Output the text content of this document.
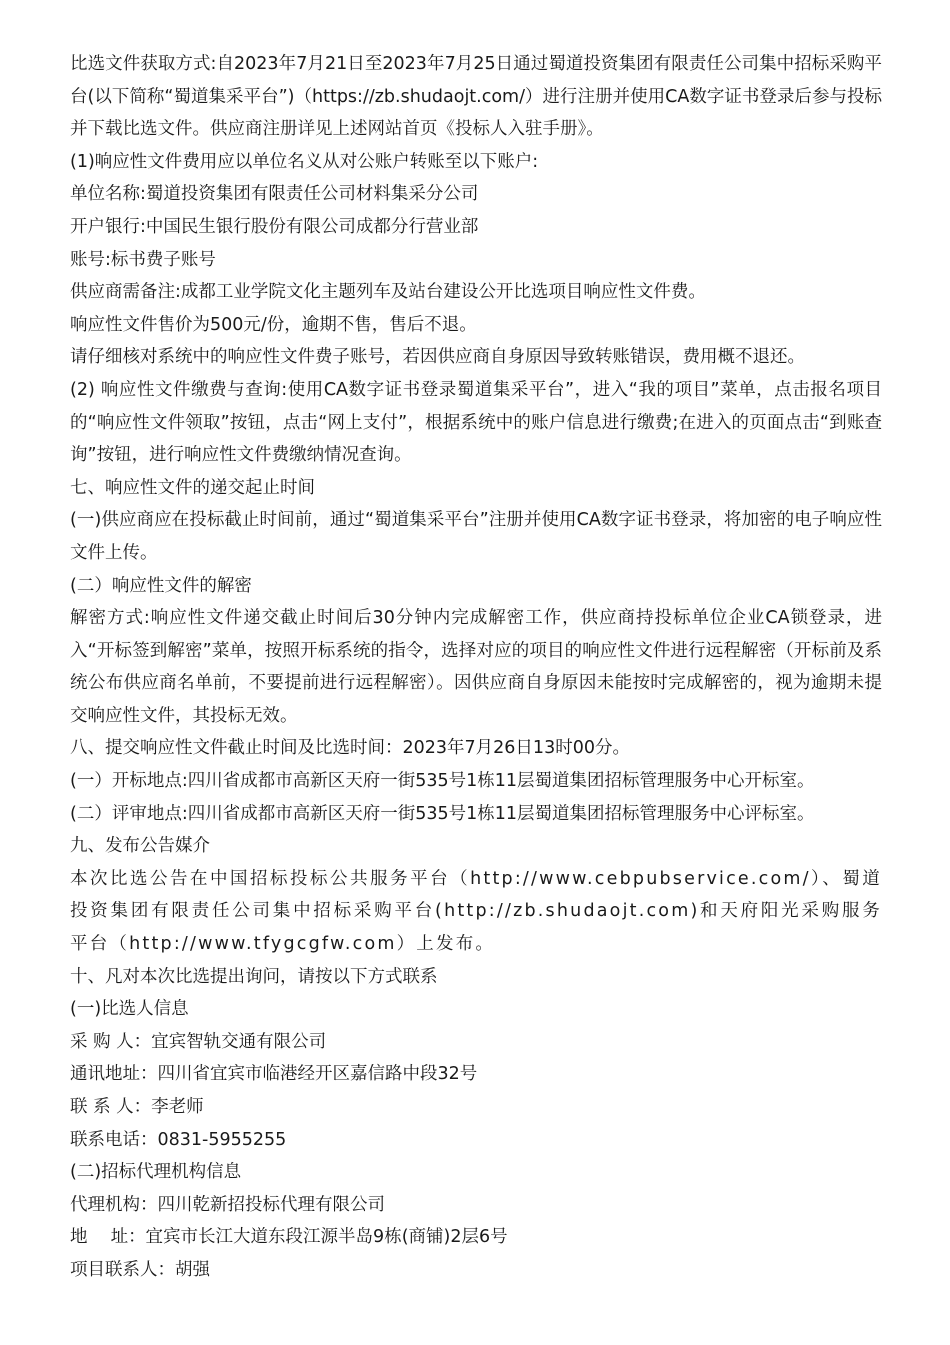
比选文件获取方式:自2023年7月21日至2023年7月25日通过蜀道投资集团有限责任公司集中招标采购平台(以下简称“蜀道集采平台”)（https://zb.shudaojt.com/）进行注册并使用CA数字证书登录后参与投标并下载比选文件。供应商注册详见上述网站首页《投标人入驻手册》。

(1)响应性文件费用应以单位名义从对公账户转账至以下账户:

单位名称:蜀道投资集团有限责任公司材料集采分公司

开户银行:中国民生银行股份有限公司成都分行营业部

账号:标书费子账号

供应商需备注:成都工业学院文化主题列车及站台建设公开比选项目响应性文件费。

响应性文件售价为500元/份，逾期不售，售后不退。

请仔细核对系统中的响应性文件费子账号，若因供应商自身原因导致转账错误，费用概不退还。

(2) 响应性文件缴费与查询:使用CA数字证书登录蜀道集采平台”，进入“我的项目”菜单，点击报名项目的“响应性文件领取”按钮，点击“网上支付”，根据系统中的账户信息进行缴费;在进入的页面点击“到账查询”按钮，进行响应性文件费缴纳情况查询。

七、响应性文件的递交起止时间

(一)供应商应在投标截止时间前，通过“蜀道集采平台”注册并使用CA数字证书登录，将加密的电子响应性文件上传。

(二）响应性文件的解密

解密方式:响应性文件递交截止时间后30分钟内完成解密工作，供应商持投标单位企业CA锁登录，进入“开标签到解密”菜单，按照开标系统的指令，选择对应的项目的响应性文件进行远程解密（开标前及系统公布供应商名单前，不要提前进行远程解密）。因供应商自身原因未能按时完成解密的，视为逾期未提交响应性文件，其投标无效。

八、提交响应性文件截止时间及比选时间：2023年7月26日13时00分。

(一）开标地点:四川省成都市高新区天府一街535号1栋11层蜀道集团招标管理服务中心开标室。

(二）评审地点:四川省成都市高新区天府一街535号1栋11层蜀道集团招标管理服务中心评标室。

九、发布公告媒介

本次比选公告在中国招标投标公共服务平台（http://www.cebpubservice.com/）、蜀道投资集团有限责任公司集中招标采购平台(http://zb.shudaojt.com)和天府阳光采购服务平台（http://www.tfygcgfw.com）上发布。

十、凡对本次比选提出询问，请按以下方式联系

(一)比选人信息

采 购 人：宜宾智轨交通有限公司

通讯地址：四川省宜宾市临港经开区嘉信路中段32号

联 系 人：李老师

联系电话：0831-5955255

(二)招标代理机构信息

代理机构：四川乾新招投标代理有限公司

地　 址：宜宾市长江大道东段江源半岛9栋(商铺)2层6号

项目联系人：胡强
